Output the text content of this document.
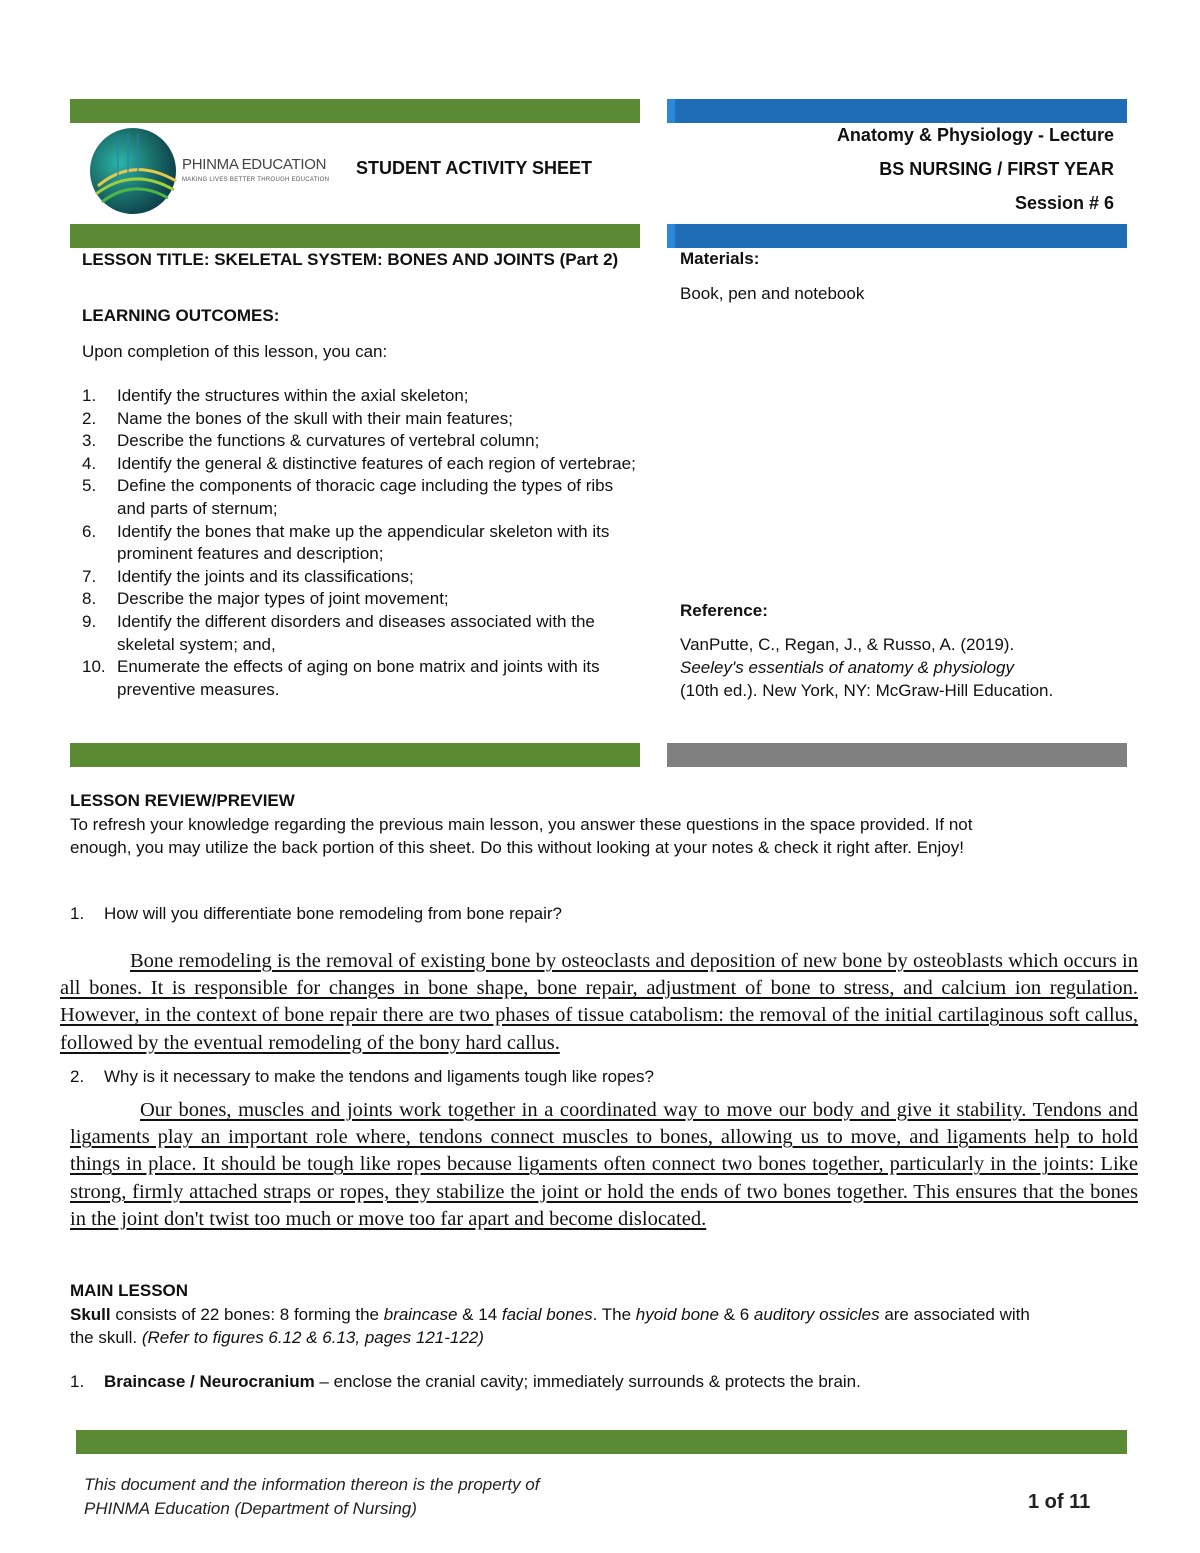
PHINMA EDUCATION
MAKING LIVES BETTER THROUGH EDUCATION
STUDENT ACTIVITY SHEET
Anatomy & Physiology - Lecture
BS NURSING / FIRST YEAR
Session # 6
LESSON TITLE: SKELETAL SYSTEM: BONES AND JOINTS (Part 2)
LEARNING OUTCOMES:
Upon completion of this lesson, you can:
1. Identify the structures within the axial skeleton;
2. Name the bones of the skull with their main features;
3. Describe the functions & curvatures of vertebral column;
4. Identify the general & distinctive features of each region of vertebrae;
5. Define the components of thoracic cage including the types of ribs and parts of sternum;
6. Identify the bones that make up the appendicular skeleton with its prominent features and description;
7. Identify the joints and its classifications;
8. Describe the major types of joint movement;
9. Identify the different disorders and diseases associated with the skeletal system; and,
10. Enumerate the effects of aging on bone matrix and joints with its preventive measures.
Materials:
Book, pen and notebook
Reference:
VanPutte, C., Regan, J., & Russo, A. (2019).
Seeley's essentials of anatomy & physiology
(10th ed.). New York, NY: McGraw-Hill Education.
LESSON REVIEW/PREVIEW
To refresh your knowledge regarding the previous main lesson, you answer these questions in the space provided. If not enough, you may utilize the back portion of this sheet. Do this without looking at your notes & check it right after. Enjoy!
1. How will you differentiate bone remodeling from bone repair?
Bone remodeling is the removal of existing bone by osteoclasts and deposition of new bone by osteoblasts which occurs in all bones. It is responsible for changes in bone shape, bone repair, adjustment of bone to stress, and calcium ion regulation. However, in the context of bone repair there are two phases of tissue catabolism: the removal of the initial cartilaginous soft callus, followed by the eventual remodeling of the bony hard callus.
2. Why is it necessary to make the tendons and ligaments tough like ropes?
Our bones, muscles and joints work together in a coordinated way to move our body and give it stability. Tendons and ligaments play an important role where, tendons connect muscles to bones, allowing us to move, and ligaments help to hold things in place. It should be tough like ropes because ligaments often connect two bones together, particularly in the joints: Like strong, firmly attached straps or ropes, they stabilize the joint or hold the ends of two bones together. This ensures that the bones in the joint don't twist too much or move too far apart and become dislocated.
MAIN LESSON
Skull consists of 22 bones: 8 forming the braincase & 14 facial bones. The hyoid bone & 6 auditory ossicles are associated with the skull. (Refer to figures 6.12 & 6.13, pages 121-122)
1. Braincase / Neurocranium – enclose the cranial cavity; immediately surrounds & protects the brain.
This document and the information thereon is the property of
PHINMA Education (Department of Nursing)	1 of 11
